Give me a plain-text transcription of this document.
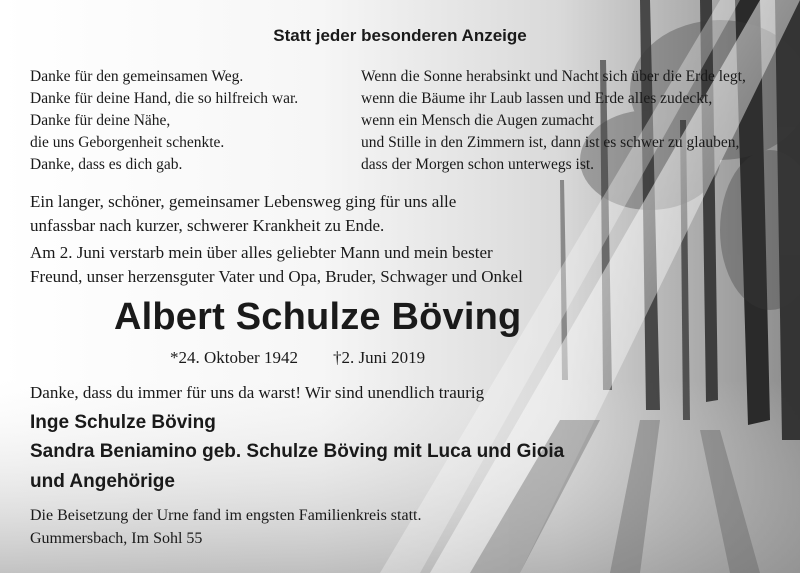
Statt jeder besonderen Anzeige

Danke für den gemeinsamen Weg.
Danke für deine Hand, die so hilfreich war.
Danke für deine Nähe,
die uns Geborgenheit schenkte.
Danke, dass es dich gab.
Wenn die Sonne herabsinkt und Nacht sich über die Erde legt,
wenn die Bäume ihr Laub lassen und Erde alles zudeckt,
wenn ein Mensch die Augen zumacht
und Stille in den Zimmern ist, dann ist es schwer zu glauben,
dass der Morgen schon unterwegs ist.
Ein langer, schöner, gemeinsamer Lebensweg ging für uns alle
unfassbar nach kurzer, schwerer Krankheit zu Ende.
Am 2. Juni verstarb mein über alles geliebter Mann und mein bester
Freund, unser herzensguter Vater und Opa, Bruder, Schwager und Onkel

Albert Schulze Böving

*24. Oktober 1942 †2. Juni 2019

Danke, dass du immer für uns da warst! Wir sind unendlich traurig

Inge Schulze Böving

Sandra Beniamino geb. Schulze Böving mit Luca und Gioia

und Angehörige

Die Beisetzung der Urne fand im engsten Familienkreis statt.

Gummersbach, Im Sohl 55
